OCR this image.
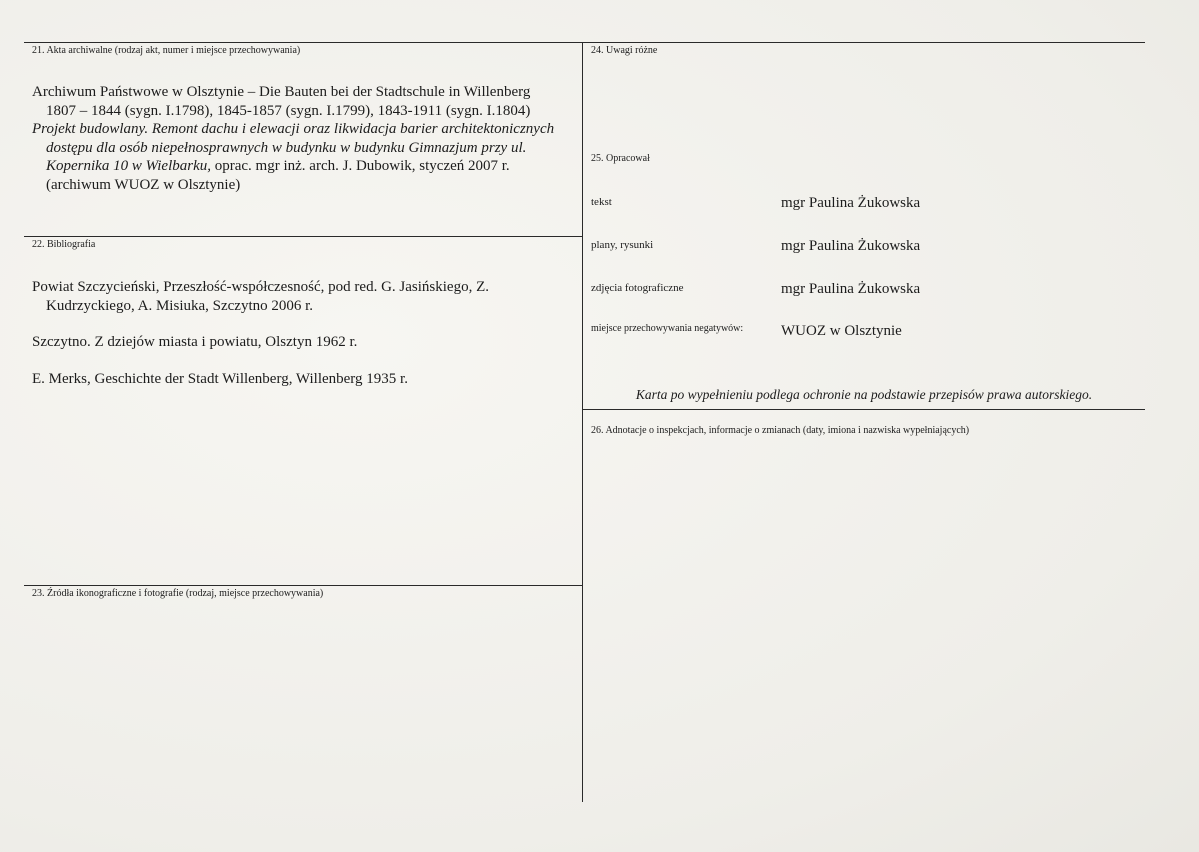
21. Akta archiwalne (rodzaj akt, numer i miejsce przechowywania)
Archiwum Państwowe w Olsztynie – Die Bauten bei der Stadtschule in Willenberg
1807 – 1844 (sygn. I.1798), 1845-1857 (sygn. I.1799), 1843-1911 (sygn. I.1804)
Projekt budowlany. Remont dachu i elewacji oraz likwidacja barier architektonicznych
dostępu dla osób niepełnosprawnych w budynku w budynku Gimnazjum przy ul.
Kopernika 10 w Wielbarku, oprac. mgr inż. arch. J. Dubowik, styczeń 2007 r.
(archiwum WUOZ w Olsztynie)
22. Bibliografia
Powiat Szczycieński, Przeszłość-współczesność, pod red. G. Jasińskiego, Z.
Kudrzyckiego, A. Misiuka, Szczytno 2006 r.
Szczytno. Z dziejów miasta i powiatu, Olsztyn 1962 r.
E. Merks, Geschichte der Stadt Willenberg, Willenberg 1935 r.
23. Źródła ikonograficzne i fotografie (rodzaj, miejsce przechowywania)
24. Uwagi różne
25. Opracował
tekst	mgr Paulina Żukowska
plany, rysunki	mgr Paulina Żukowska
zdjęcia fotograficzne	mgr Paulina Żukowska
miejsce przechowywania negatywów:	WUOZ w Olsztynie
Karta po wypełnieniu podlega ochronie na podstawie przepisów prawa autorskiego.
26. Adnotacje o inspekcjach, informacje o zmianach (daty, imiona i nazwiska wypełniających)
